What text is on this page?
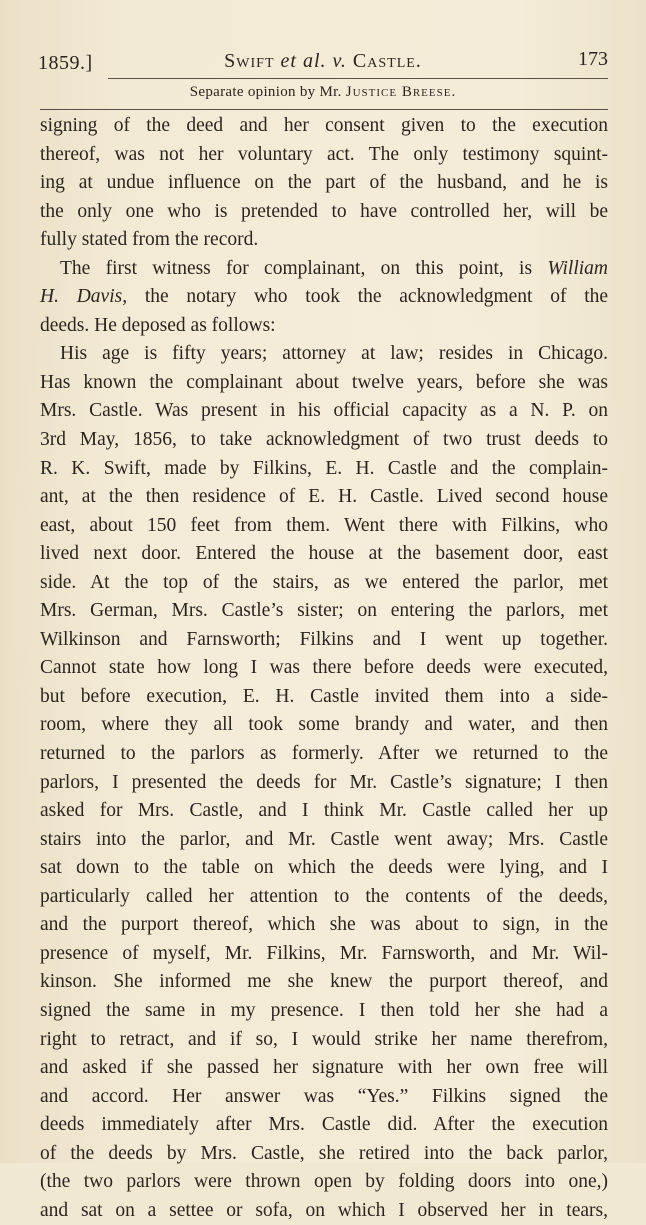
1859.]	Swift et al. v. Castle.	173
Separate opinion by Mr. Justice Breese.
signing of the deed and her consent given to the execution
thereof, was not her voluntary act. The only testimony squint-
ing at undue influence on the part of the husband, and he is
the only one who is pretended to have controlled her, will be
fully stated from the record.
The first witness for complainant, on this point, is William
H. Davis, the notary who took the acknowledgment of the
deeds. He deposed as follows:
His age is fifty years; attorney at law; resides in Chicago.
Has known the complainant about twelve years, before she was
Mrs. Castle. Was present in his official capacity as a N. P. on
3rd May, 1856, to take acknowledgment of two trust deeds to
R. K. Swift, made by Filkins, E. H. Castle and the complain-
ant, at the then residence of E. H. Castle. Lived second house
east, about 150 feet from them. Went there with Filkins, who
lived next door. Entered the house at the basement door, east
side. At the top of the stairs, as we entered the parlor, met
Mrs. German, Mrs. Castle’s sister; on entering the parlors, met
Wilkinson and Farnsworth; Filkins and I went up together.
Cannot state how long I was there before deeds were executed,
but before execution, E. H. Castle invited them into a side-
room, where they all took some brandy and water, and then
returned to the parlors as formerly. After we returned to the
parlors, I presented the deeds for Mr. Castle’s signature; I then
asked for Mrs. Castle, and I think Mr. Castle called her up
stairs into the parlor, and Mr. Castle went away; Mrs. Castle
sat down to the table on which the deeds were lying, and I
particularly called her attention to the contents of the deeds,
and the purport thereof, which she was about to sign, in the
presence of myself, Mr. Filkins, Mr. Farnsworth, and Mr. Wil-
kinson. She informed me she knew the purport thereof, and
signed the same in my presence. I then told her she had a
right to retract, and if so, I would strike her name therefrom,
and asked if she passed her signature with her own free will
and accord. Her answer was “Yes.” Filkins signed the
deeds immediately after Mrs. Castle did. After the execution
of the deeds by Mrs. Castle, she retired into the back parlor,
(the two parlors were thrown open by folding doors into one,)
and sat on a settee or sofa, on which I observed her in tears,
